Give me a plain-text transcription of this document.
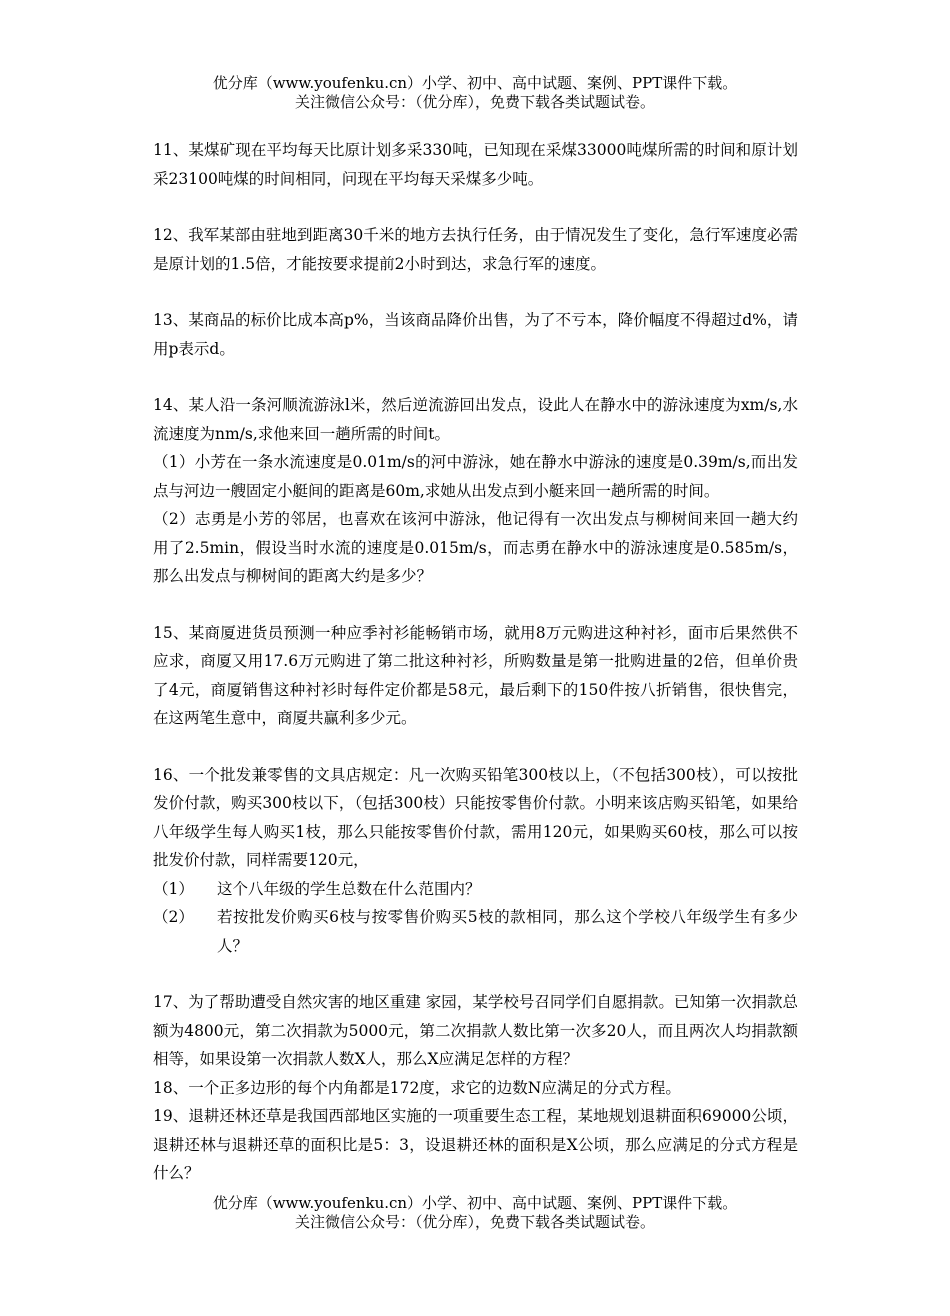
优分库（www.youfenku.cn）小学、初中、高中试题、案例、PPT课件下载。
关注微信公众号：（优分库），免费下载各类试题试卷。

11、某煤矿现在平均每天比原计划多采330吨，已知现在采煤33000吨煤所需的时间和原计划采23100吨煤的时间相同，问现在平均每天采煤多少吨。

12、我军某部由驻地到距离30千米的地方去执行任务，由于情况发生了变化，急行军速度必需是原计划的1.5倍，才能按要求提前2小时到达，求急行军的速度。

13、某商品的标价比成本高p%，当该商品降价出售，为了不亏本，降价幅度不得超过d%，请用p表示d。

14、某人沿一条河顺流游泳l米，然后逆流游回出发点，设此人在静水中的游泳速度为xm/s,水流速度为nm/s,求他来回一趟所需的时间t。

（1）小芳在一条水流速度是0.01m/s的河中游泳，她在静水中游泳的速度是0.39m/s,而出发点与河边一艘固定小艇间的距离是60m,求她从出发点到小艇来回一趟所需的时间。

（2）志勇是小芳的邻居，也喜欢在该河中游泳，他记得有一次出发点与柳树间来回一趟大约用了2.5min，假设当时水流的速度是0.015m/s，而志勇在静水中的游泳速度是0.585m/s，那么出发点与柳树间的距离大约是多少？

15、某商厦进货员预测一种应季衬衫能畅销市场，就用8万元购进这种衬衫，面市后果然供不应求，商厦又用17.6万元购进了第二批这种衬衫，所购数量是第一批购进量的2倍，但单价贵了4元，商厦销售这种衬衫时每件定价都是58元，最后剩下的150件按八折销售，很快售完，在这两笔生意中，商厦共赢利多少元。

16、一个批发兼零售的文具店规定：凡一次购买铅笔300枝以上，（不包括300枝），可以按批发价付款，购买300枝以下，（包括300枝）只能按零售价付款。小明来该店购买铅笔，如果给八年级学生每人购买1枝，那么只能按零售价付款，需用120元，如果购买60枝，那么可以按批发价付款，同样需要120元，

（1）	这个八年级的学生总数在什么范围内？
（2）	若按批发价购买6枝与按零售价购买5枝的款相同，那么这个学校八年级学生有多少人？

17、为了帮助遭受自然灾害的地区重建 家园，某学校号召同学们自愿捐款。已知第一次捐款总额为4800元，第二次捐款为5000元，第二次捐款人数比第一次多20人，而且两次人均捐款额相等，如果设第一次捐款人数X人，那么X应满足怎样的方程？

18、一个正多边形的每个内角都是172度，求它的边数N应满足的分式方程。

19、退耕还林还草是我国西部地区实施的一项重要生态工程，某地规划退耕面积69000公顷，退耕还林与退耕还草的面积比是5：3，设退耕还林的面积是X公顷，那么应满足的分式方程是什么？

优分库（www.youfenku.cn）小学、初中、高中试题、案例、PPT课件下载。
关注微信公众号：（优分库），免费下载各类试题试卷。
